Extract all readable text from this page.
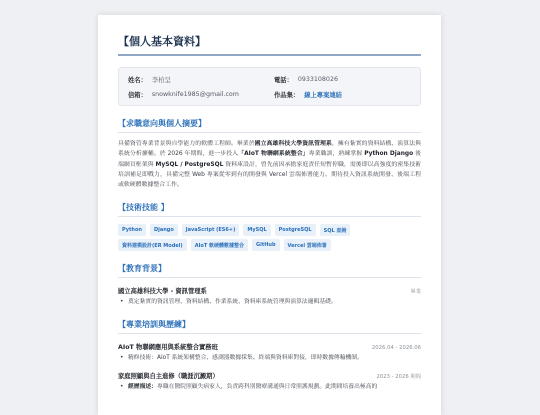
【個人基本資料】
姓名： 李柏呈	電話： 0933108026
信箱： snowknife1985@gmail.com	作品集： 線上專案連結
【求職意向與個人摘要】
具備資管專業背景與自學能力的軟體工程師。畢業於國立高雄科技大學資訊管理系，擁有紮實的資料結構、演算法與系統分析擴輔。於 2026 年期間，進一步投入「AIoT 物聯網系統整合」專業職訓，熟練掌握 Python Django 後端網頁框架與 MySQL / PostgreSQL 資料庫設計，曾先前因承擔家庭責任短暫停職，需後即以高強度的密集技術培訓補足即戰力，具備完整 Web 專案從零到有的開發與 Vercel 雲端佈署能力。期待投入資訊系統開發、後端工程或軟硬體數據整合工作。
【技術技能 】
Python	Django	JavaScript (ES6+)	MySQL	PostgreSQL	SQL 查詢
資料建模設計(ER Model)	AIoT 軟硬體數據整合	GitHub	Vercel 雲端佈署
【教育背景】
國立高雄科技大學 - 資訊管理系	畢業
• 奠定紮實的資訊管理、資料結構、作業系統、資料庫系統管理與演算法邏輯基礎。
【專業培訓與歷練】
AIoT 物聯網應用與系統整合實務班	2026.04 - 2026.06
• 精修技術：AIoT 系統架構整合、感測器數據採集、終端與資料庫對接，即時數據傳輸機制。
家庭照顧與自主進修（職涯沉澱期）	2023 - 2026 期間
• 經歷描述：專職在醫院照顧失病家人，負責跨科別醫療溝通與日常照護規劃。此期間培養出極高的
